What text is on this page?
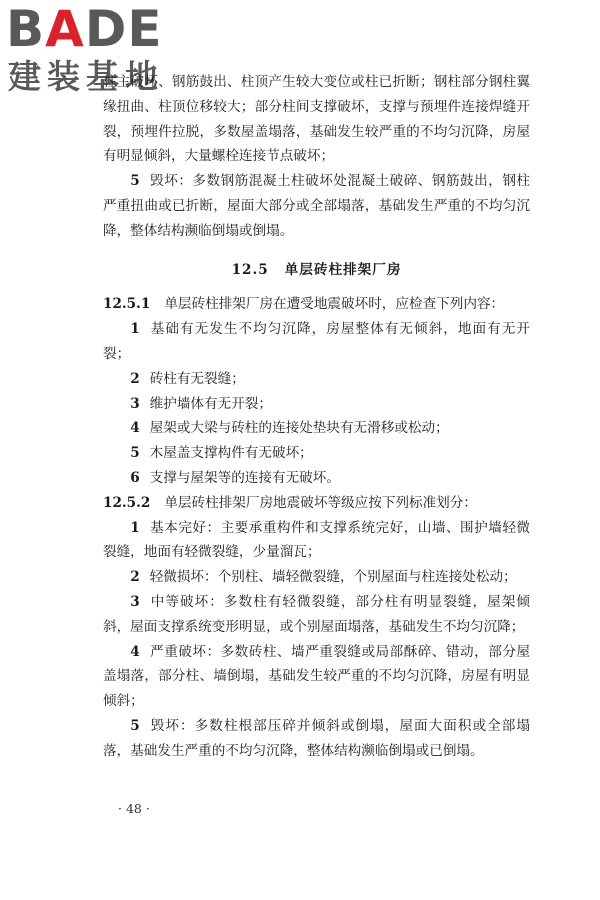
BADE
建装基地

柱主破坏、钢筋鼓出、柱顶产生较大变位或柱已折断；钢柱部分钢柱翼缘扭曲、柱顶位移较大；部分柱间支撑破坏，支撑与预埋件连接焊缝开裂，预埋件拉脱，多数屋盖塌落，基础发生较严重的不均匀沉降，房屋有明显倾斜，大量螺栓连接节点破坏；

5 毁坏：多数钢筋混凝土柱破坏处混凝土破碎、钢筋鼓出，钢柱严重扭曲或已折断，屋面大部分或全部塌落，基础发生严重的不均匀沉降，整体结构濒临倒塌或倒塌。

12.5 单层砖柱排架厂房

12.5.1 单层砖柱排架厂房在遭受地震破坏时，应检查下列内容：

1 基础有无发生不均匀沉降，房屋整体有无倾斜，地面有无开裂；

2 砖柱有无裂缝；

3 维护墙体有无开裂；

4 屋架或大梁与砖柱的连接处垫块有无滑移或松动；

5 木屋盖支撑构件有无破坏；

6 支撑与屋架等的连接有无破坏。

12.5.2 单层砖柱排架厂房地震破坏等级应按下列标准划分：

1 基本完好：主要承重构件和支撑系统完好，山墙、围护墙轻微裂缝，地面有轻微裂缝，少量溜瓦；

2 轻微损坏：个别柱、墙轻微裂缝，个别屋面与柱连接处松动；

3 中等破坏：多数柱有轻微裂缝，部分柱有明显裂缝，屋架倾斜，屋面支撑系统变形明显，或个别屋面塌落，基础发生不均匀沉降；

4 严重破坏：多数砖柱、墙严重裂缝或局部酥碎、错动，部分屋盖塌落，部分柱、墙倒塌，基础发生较严重的不均匀沉降，房屋有明显倾斜；

5 毁坏：多数柱根部压碎并倾斜或倒塌，屋面大面积或全部塌落，基础发生严重的不均匀沉降，整体结构濒临倒塌或已倒塌。

· 48 ·
